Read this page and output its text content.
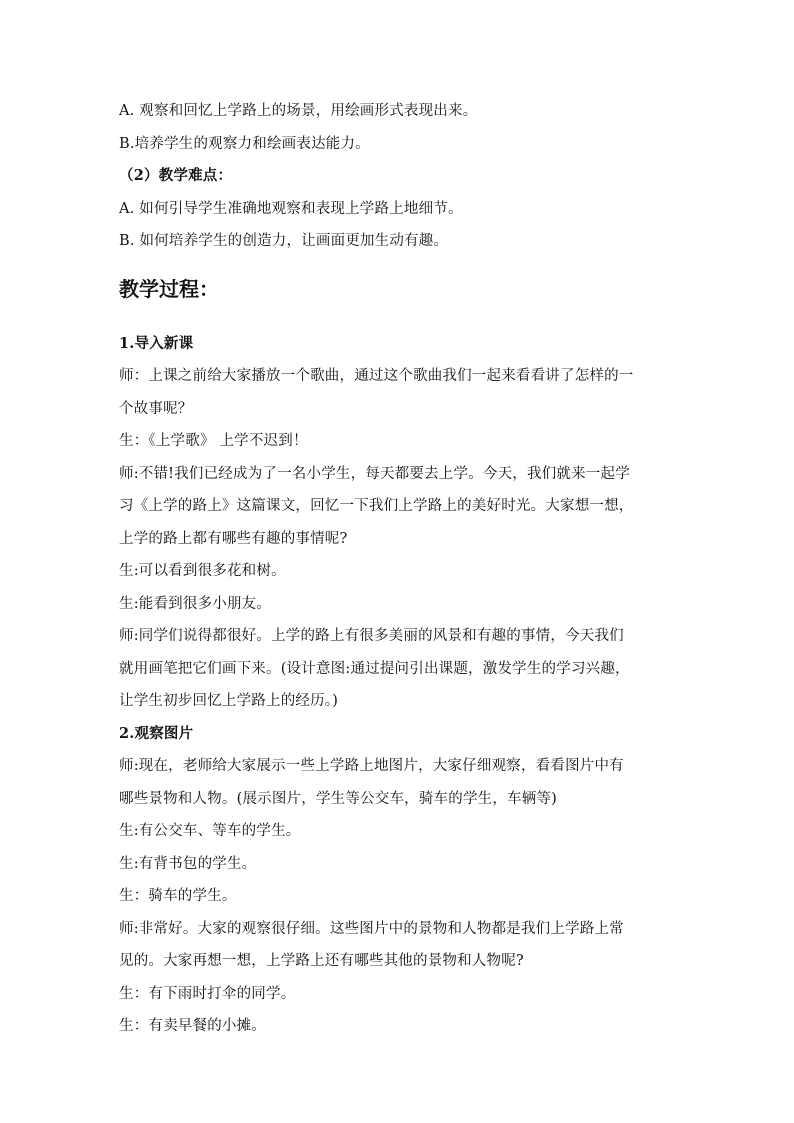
A. 观察和回忆上学路上的场景，用绘画形式表现出来。
B.培养学生的观察力和绘画表达能力。
（2）教学难点：
A. 如何引导学生准确地观察和表现上学路上地细节。
B. 如何培养学生的创造力，让画面更加生动有趣。
教学过程：
1.导入新课
师：上课之前给大家播放一个歌曲，通过这个歌曲我们一起来看看讲了怎样的一
个故事呢？
生：《上学歌》 上学不迟到！
师:不错!我们已经成为了一名小学生，每天都要去上学。今天，我们就来一起学
习《上学的路上》这篇课文，回忆一下我们上学路上的美好时光。大家想一想，
上学的路上都有哪些有趣的事情呢?
生:可以看到很多花和树。
生:能看到很多小朋友。
师:同学们说得都很好。上学的路上有很多美丽的风景和有趣的事情，今天我们
就用画笔把它们画下来。(设计意图:通过提问引出课题，激发学生的学习兴趣，
让学生初步回忆上学路上的经历。)
2.观察图片
师:现在，老师给大家展示一些上学路上地图片，大家仔细观察，看看图片中有
哪些景物和人物。(展示图片，学生等公交车，骑车的学生，车辆等)
生:有公交车、等车的学生。
生:有背书包的学生。
生：骑车的学生。
师:非常好。大家的观察很仔细。这些图片中的景物和人物都是我们上学路上常
见的。大家再想一想，上学路上还有哪些其他的景物和人物呢?
生：有下雨时打伞的同学。
生：有卖早餐的小摊。
